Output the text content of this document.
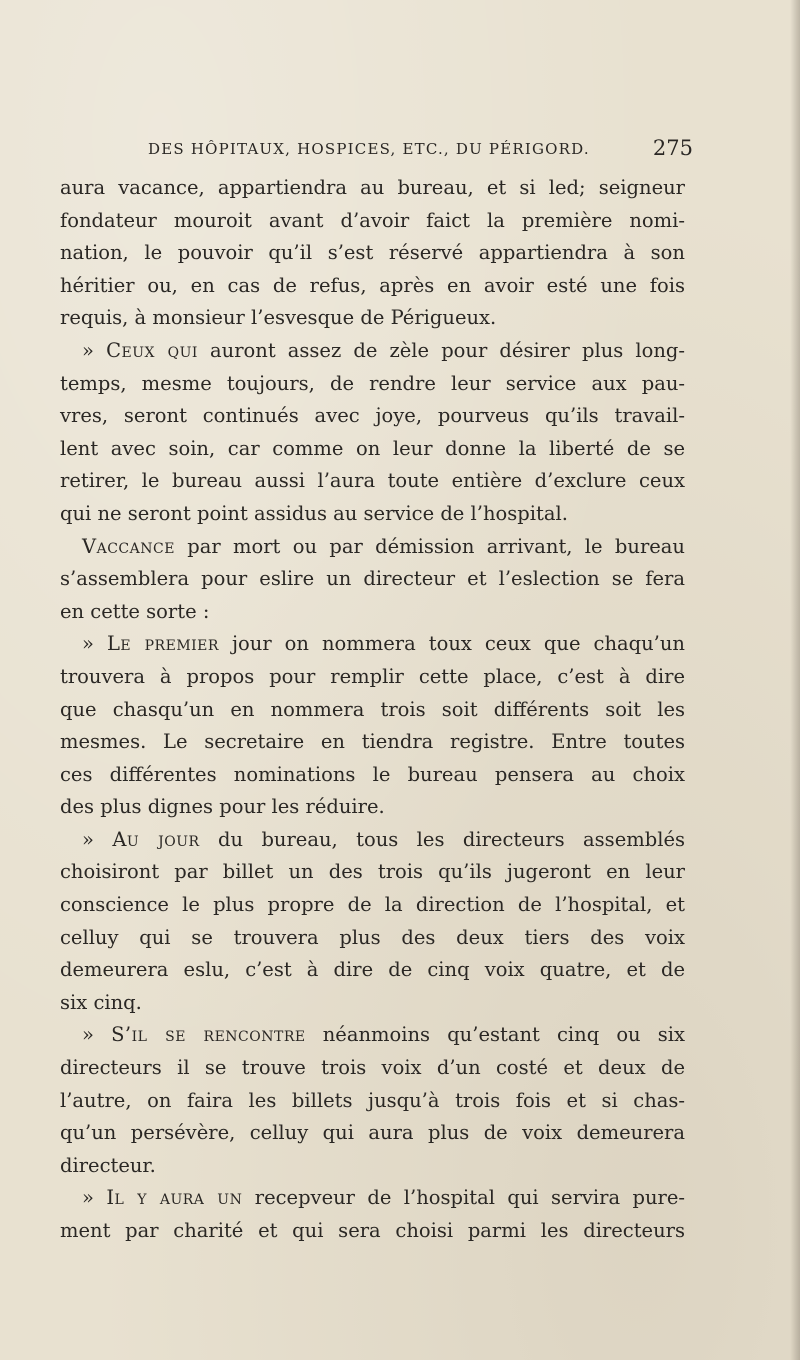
DES HÔPITAUX, HOSPICES, ETC., DU PÉRIGORD.	275
aura vacance, appartiendra au bureau, et si led; seigneur
fondateur mouroit avant d’avoir faict la première nomi-
nation, le pouvoir qu’il s’est réservé appartiendra à son
héritier ou, en cas de refus, après en avoir esté une fois
requis, à monsieur l’esvesque de Périgueux.
» Ceux qui auront assez de zèle pour désirer plus long-
temps, mesme toujours, de rendre leur service aux pau-
vres, seront continués avec joye, pourveus qu’ils travail-
lent avec soin, car comme on leur donne la liberté de se
retirer, le bureau aussi l’aura toute entière d’exclure ceux
qui ne seront point assidus au service de l’hospital.
Vaccance par mort ou par démission arrivant, le bureau
s’assemblera pour eslire un directeur et l’eslection se fera
en cette sorte :
» Le premier jour on nommera toux ceux que chaqu’un
trouvera à propos pour remplir cette place, c’est à dire
que chasqu’un en nommera trois soit différents soit les
mesmes. Le secretaire en tiendra registre. Entre toutes
ces différentes nominations le bureau pensera au choix
des plus dignes pour les réduire.
» Au jour du bureau, tous les directeurs assemblés
choisiront par billet un des trois qu’ils jugeront en leur
conscience le plus propre de la direction de l’hospital, et
celluy qui se trouvera plus des deux tiers des voix
demeurera eslu, c’est à dire de cinq voix quatre, et de
six cinq.
» S’il se rencontre néanmoins qu’estant cinq ou six
directeurs il se trouve trois voix d’un costé et deux de
l’autre, on faira les billets jusqu’à trois fois et si chas-
qu’un persévère, celluy qui aura plus de voix demeurera
directeur.
» Il y aura un recepveur de l’hospital qui servira pure-
ment par charité et qui sera choisi parmi les directeurs
